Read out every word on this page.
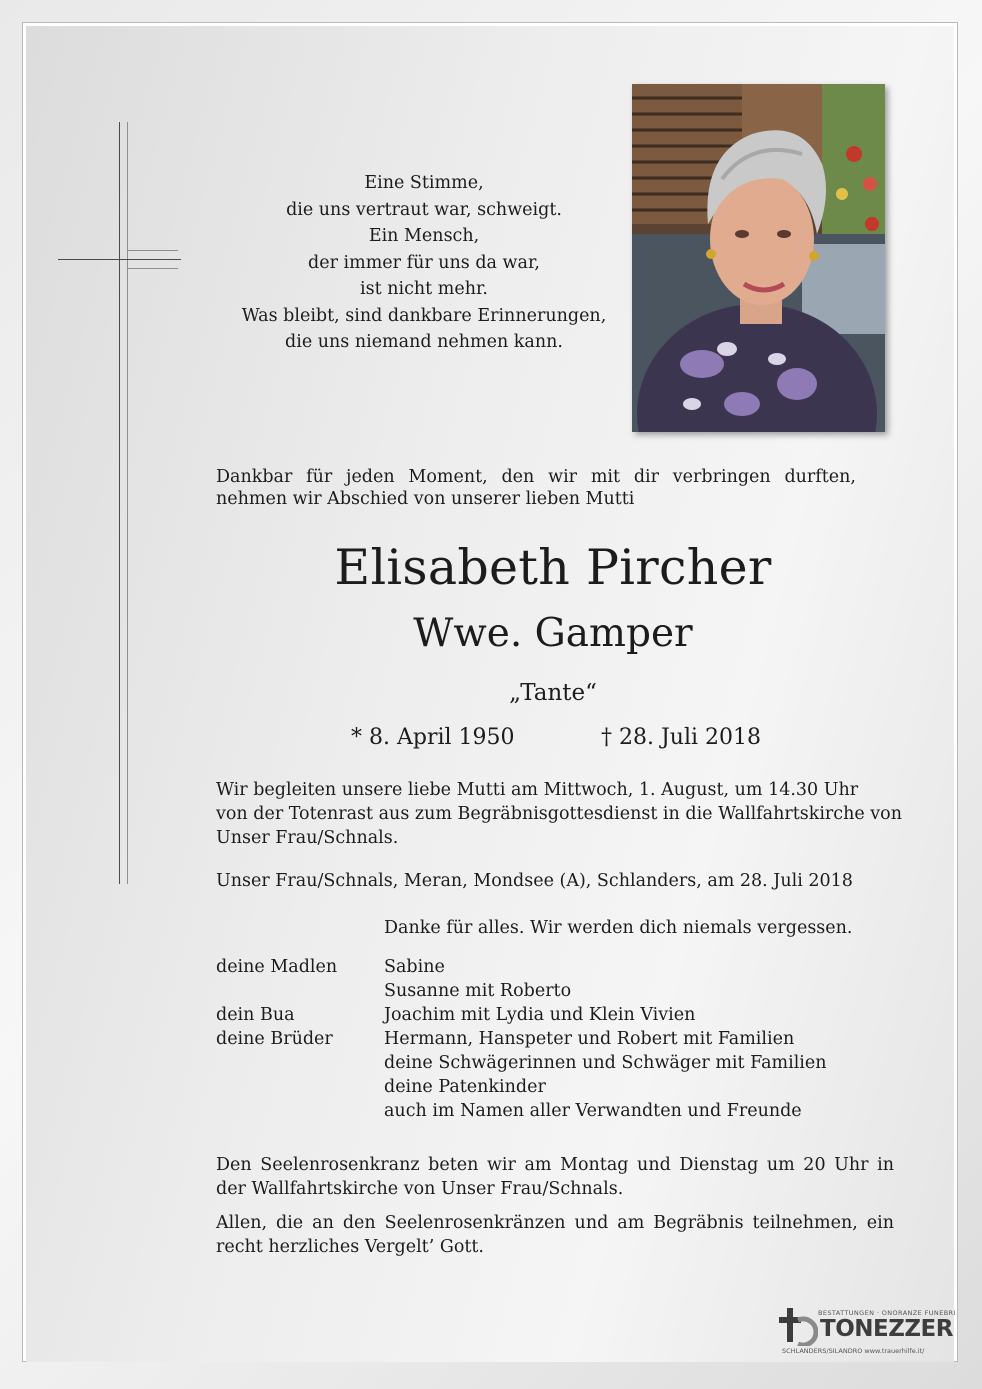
Eine Stimme,
die uns vertraut war, schweigt.
Ein Mensch,
der immer für uns da war,
ist nicht mehr.
Was bleibt, sind dankbare Erinnerungen,
die uns niemand nehmen kann.
Dankbar für jeden Moment, den wir mit dir verbringen durften, nehmen wir Abschied von unserer lieben Mutti
Elisabeth Pircher
Wwe. Gamper
„Tante“
* 8. April 1950	† 28. Juli 2018
Wir begleiten unsere liebe Mutti am Mittwoch, 1. August, um 14.30 Uhr
von der Totenrast aus zum Begräbnisgottesdienst in die Wallfahrtskirche von
Unser Frau/Schnals.
Unser Frau/Schnals, Meran, Mondsee (A), Schlanders, am 28. Juli 2018
Danke für alles. Wir werden dich niemals vergessen.
deine Madlen	Sabine
Susanne mit Roberto
dein Bua	Joachim mit Lydia und Klein Vivien
deine Brüder	Hermann, Hanspeter und Robert mit Familien
deine Schwägerinnen und Schwäger mit Familien
deine Patenkinder
auch im Namen aller Verwandten und Freunde
Den Seelenrosenkranz beten wir am Montag und Dienstag um 20 Uhr in der Wallfahrtskirche von Unser Frau/Schnals.
Allen, die an den Seelenrosenkränzen und am Begräbnis teilnehmen, ein recht herzliches Vergelt’ Gott.
BESTATTUNGEN · ONORANZE FUNEBRI
TONEZZER
SCHLANDERS/SILANDRO www.trauerhilfe.it/
